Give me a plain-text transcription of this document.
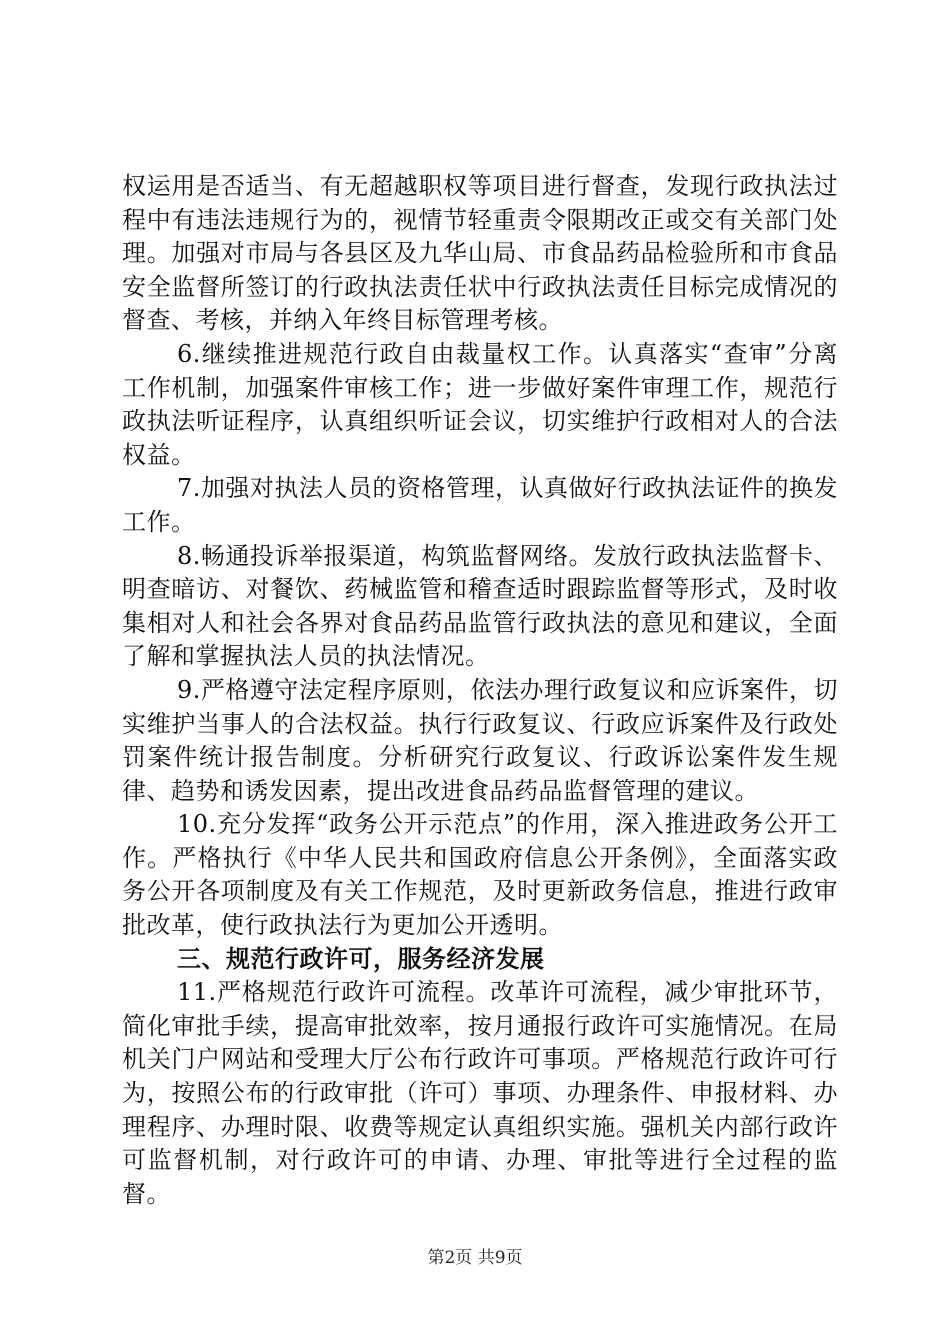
权运用是否适当、有无超越职权等项目进行督查，发现行政执法过程中有违法违规行为的，视情节轻重责令限期改正或交有关部门处理。加强对市局与各县区及九华山局、市食品药品检验所和市食品安全监督所签订的行政执法责任状中行政执法责任目标完成情况的督查、考核，并纳入年终目标管理考核。

6.继续推进规范行政自由裁量权工作。认真落实“查审”分离工作机制，加强案件审核工作；进一步做好案件审理工作，规范行政执法听证程序，认真组织听证会议，切实维护行政相对人的合法权益。

7.加强对执法人员的资格管理，认真做好行政执法证件的换发工作。

8.畅通投诉举报渠道，构筑监督网络。发放行政执法监督卡、明查暗访、对餐饮、药械监管和稽查适时跟踪监督等形式，及时收集相对人和社会各界对食品药品监管行政执法的意见和建议，全面了解和掌握执法人员的执法情况。

9.严格遵守法定程序原则，依法办理行政复议和应诉案件，切实维护当事人的合法权益。执行行政复议、行政应诉案件及行政处罚案件统计报告制度。分析研究行政复议、行政诉讼案件发生规律、趋势和诱发因素，提出改进食品药品监督管理的建议。

10.充分发挥“政务公开示范点”的作用，深入推进政务公开工作。严格执行《中华人民共和国政府信息公开条例》，全面落实政务公开各项制度及有关工作规范，及时更新政务信息，推进行政审批改革，使行政执法行为更加公开透明。

三、规范行政许可，服务经济发展

11.严格规范行政许可流程。改革许可流程，减少审批环节，简化审批手续，提高审批效率，按月通报行政许可实施情况。在局机关门户网站和受理大厅公布行政许可事项。严格规范行政许可行为，按照公布的行政审批（许可）事项、办理条件、申报材料、办理程序、办理时限、收费等规定认真组织实施。强机关内部行政许可监督机制，对行政许可的申请、办理、审批等进行全过程的监督。

第2页 共9页
